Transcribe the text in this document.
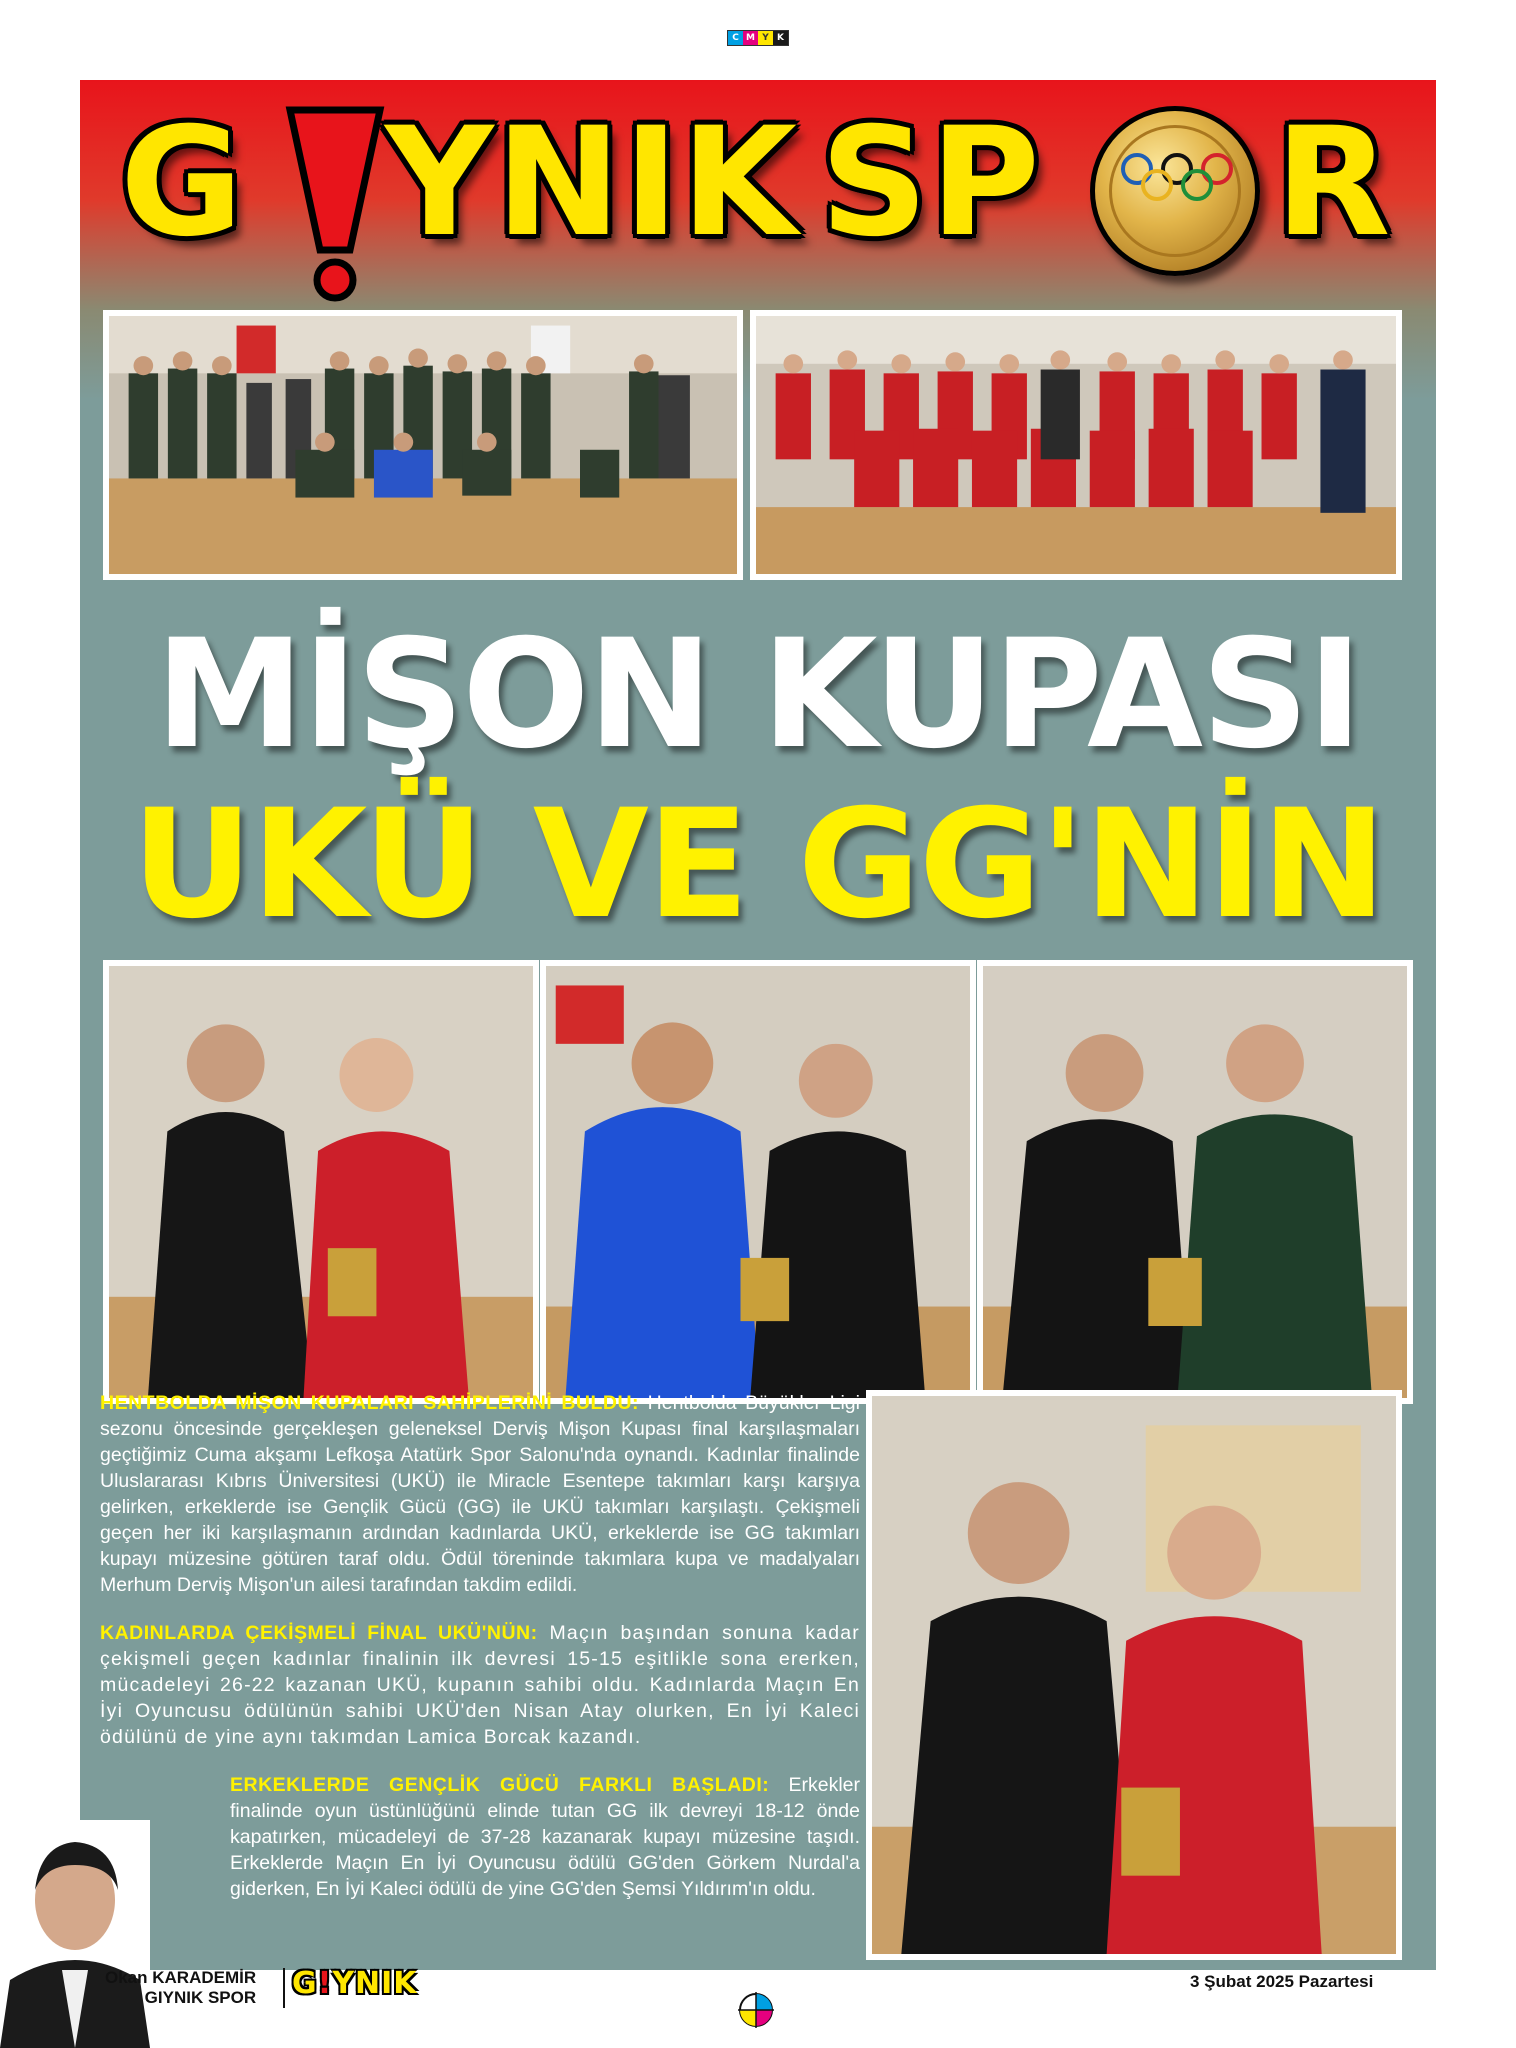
C M Y K
G YNIK SP R
MİŞON KUPASI
UKÜ VE GG'NİN

HENTBOLDA MİŞON KUPALARI SAHİPLERİNİ BULDU: Hentbolda Büyükler Ligi sezonu öncesinde gerçekleşen geleneksel Derviş Mişon Kupası final karşılaşmaları geçtiğimiz Cuma akşamı Lefkoşa Atatürk Spor Salonu'nda oynandı. Kadınlar finalinde Uluslararası Kıbrıs Üniversitesi (UKÜ) ile Miracle Esentepe takımları karşı karşıya gelirken, erkeklerde ise Gençlik Gücü (GG) ile UKÜ takımları karşılaştı. Çekişmeli geçen her iki karşılaşmanın ardından kadınlarda UKÜ, erkeklerde ise GG takımları kupayı müzesine götüren taraf oldu. Ödül töreninde takımlara kupa ve madalyaları Merhum Derviş Mişon'un ailesi tarafından takdim edildi.

KADINLARDA ÇEKİŞMELİ FİNAL UKÜ'NÜN: Maçın başından sonuna kadar çekişmeli geçen kadınlar finalinin ilk devresi 15-15 eşitlikle sona ererken, mücadeleyi 26-22 kazanan UKÜ, kupanın sahibi oldu. Kadınlarda Maçın En İyi Oyuncusu ödülünün sahibi UKÜ'den Nisan Atay olurken, En İyi Kaleci ödülünü de yine aynı takımdan Lamica Borcak kazandı.

ERKEKLERDE GENÇLİK GÜCÜ FARKLI BAŞLADI: Erkekler finalinde oyun üstünlüğünü elinde tutan GG ilk devreyi 18-12 önde kapatırken, mücadeleyi de 37-28 kazanarak kupayı müzesine taşıdı. Erkeklerde Maçın En İyi Oyuncusu ödülü GG'den Görkem Nurdal'a giderken, En İyi Kaleci ödülü de yine GG'den Şemsi Yıldırım'ın oldu.

Okan KARADEMİR
GIYNIK SPOR G!YNIK	3 Şubat 2025 Pazartesi
